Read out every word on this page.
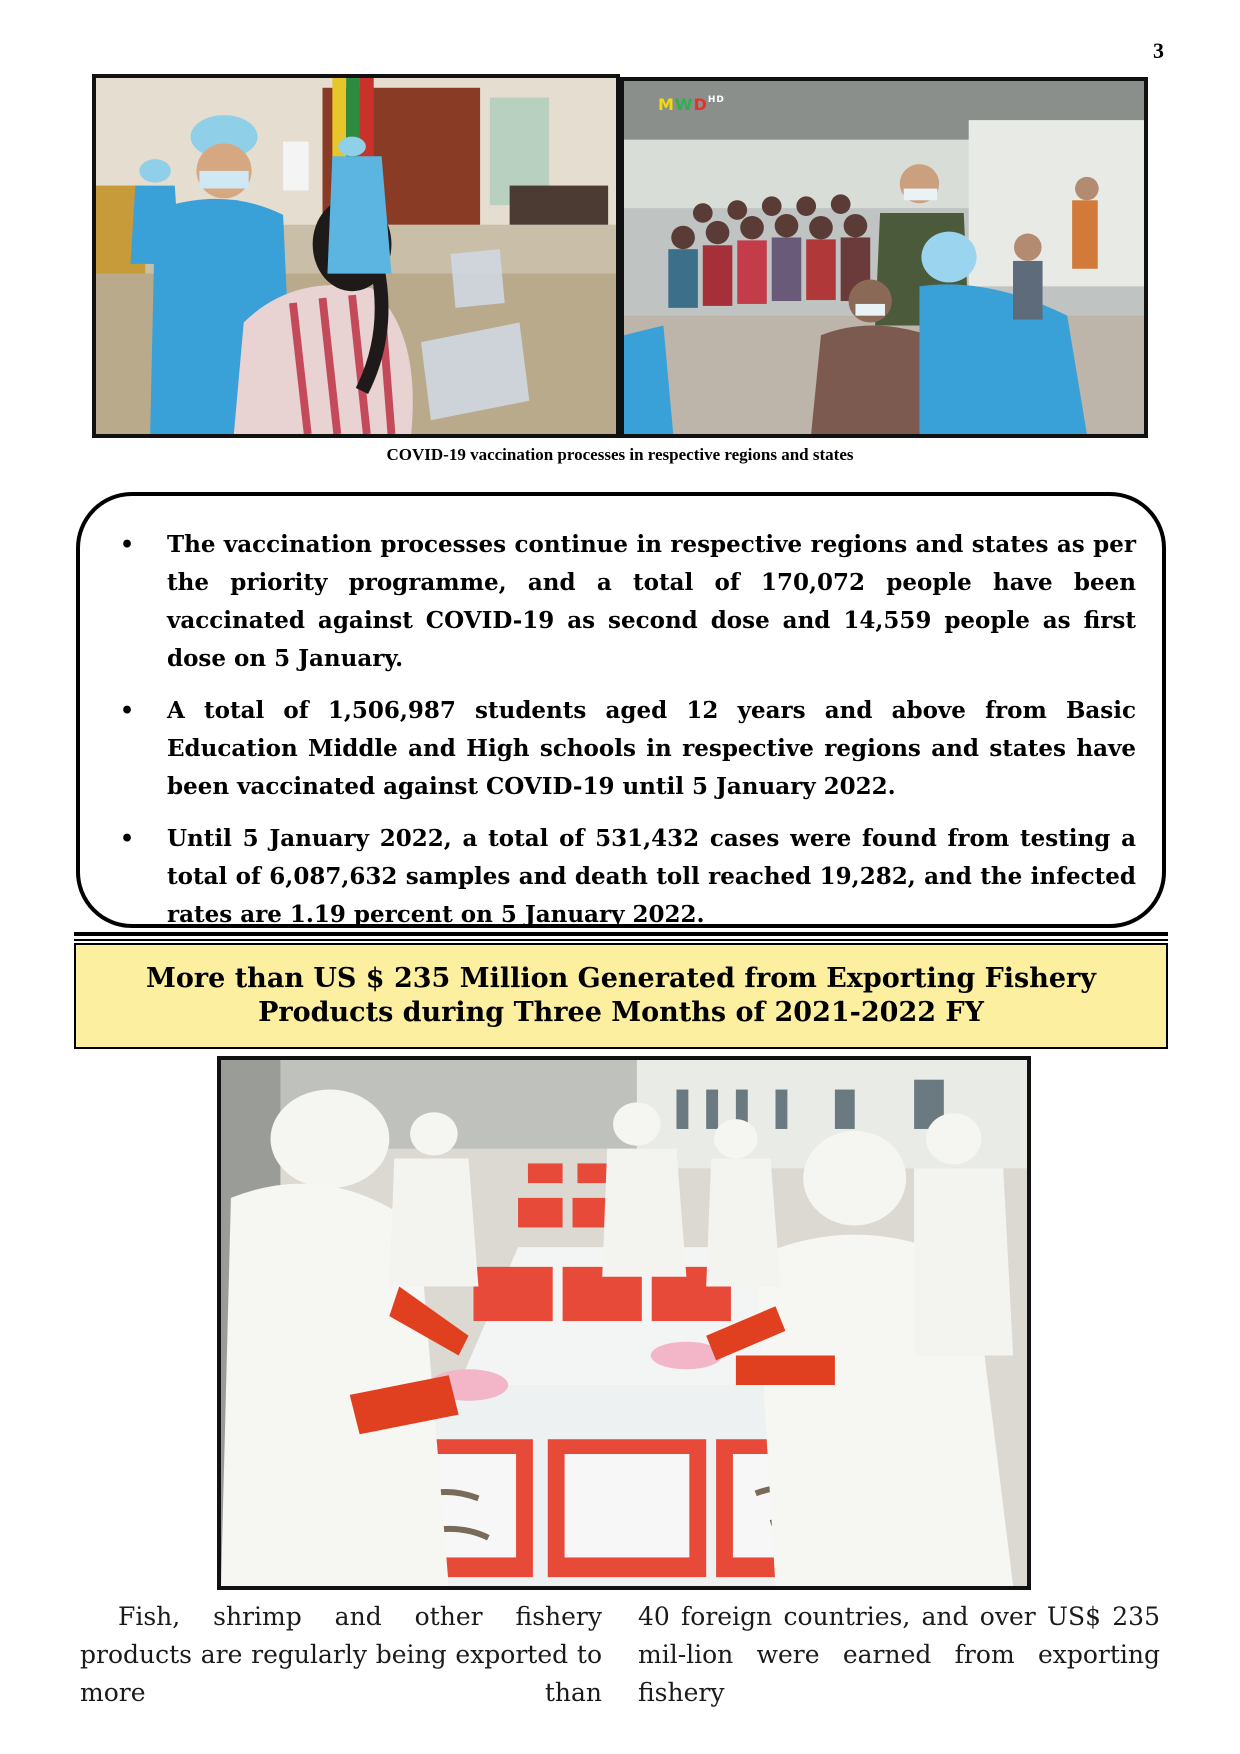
3
$MWD^{HD}$
COVID-19 vaccination processes in respective regions and states
• The vaccination processes continue in respective regions and states as per the priority programme, and a total of 170,072 people have been vaccinated against COVID-19 as second dose and 14,559 people as first dose on 5 January.
• A total of 1,506,987 students aged 12 years and above from Basic Education Middle and High schools in respective regions and states have been vaccinated against COVID-19 until 5 January 2022.
• Until 5 January 2022, a total of 531,432 cases were found from testing a total of 6,087,632 samples and death toll reached 19,282, and the infected rates are 1.19 percent on 5 January 2022.
More than US $ 235 Million Generated from Exporting Fishery Products during Three Months of 2021-2022 FY
Fish, shrimp and other fishery products are regularly being exported to more than
40 foreign countries, and over US$ 235 mil-lion were earned from exporting fishery
